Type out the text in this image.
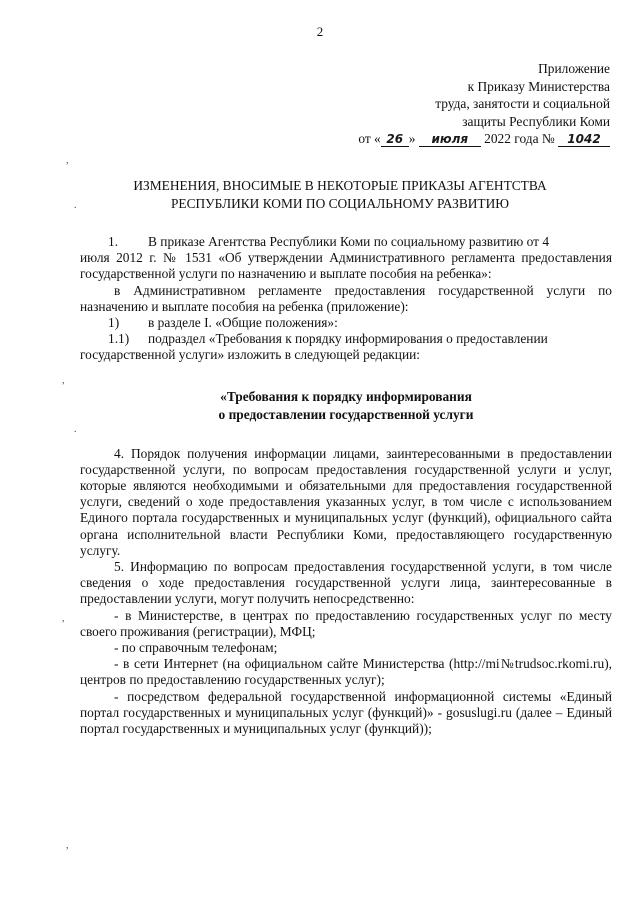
2
Приложение
к Приказу Министерства
труда, занятости и социальной
защиты Республики Коми
от « 26 » июля 2022 года № 1042
ИЗМЕНЕНИЯ, ВНОСИМЫЕ В НЕКОТОРЫЕ ПРИКАЗЫ АГЕНТСТВА
РЕСПУБЛИКИ КОМИ ПО СОЦИАЛЬНОМУ РАЗВИТИЮ
1.	В приказе Агентства Республики Коми по социальному развитию от 4

июля 2012 г. № 1531 «Об утверждении Административного регламента предоставления государственной услуги по назначению и выплате пособия на ребенка»:

в Административном регламенте предоставления государственной услуги по назначению и выплате пособия на ребенка (приложение):

1)	в разделе I. «Общие положения»:
1.1)	подраздел «Требования к порядку информирования о предоставлении

государственной услуги» изложить в следующей редакции:

«Требования к порядку информирования
о предоставлении государственной услуги

4. Порядок получения информации лицами, заинтересованными в предоставлении государственной услуги, по вопросам предоставления государственной услуги и услуг, которые являются необходимыми и обязательными для предоставления государственной услуги, сведений о ходе предоставления указанных услуг, в том числе с использованием Единого портала государственных и муниципальных услуг (функций), официального сайта органа исполнительной власти Республики Коми, предоставляющего государственную услугу.

5. Информацию по вопросам предоставления государственной услуги, в том числе сведения о ходе предоставления государственной услуги лица, заинтересованные в предоставлении услуги, могут получить непосредственно:

- в Министерстве, в центрах по предоставлению государственных услуг по месту своего проживания (регистрации), МФЦ;

- по справочным телефонам;

- в сети Интернет (на официальном сайте Министерства (http://mi№trudsoc.rkomi.ru), центров по предоставлению государственных услуг);

- посредством федеральной государственной информационной системы «Единый портал государственных и муниципальных услуг (функций)» - gosuslugi.ru (далее – Единый портал государственных и муниципальных услуг (функций));

,
.
,
.
,
,
